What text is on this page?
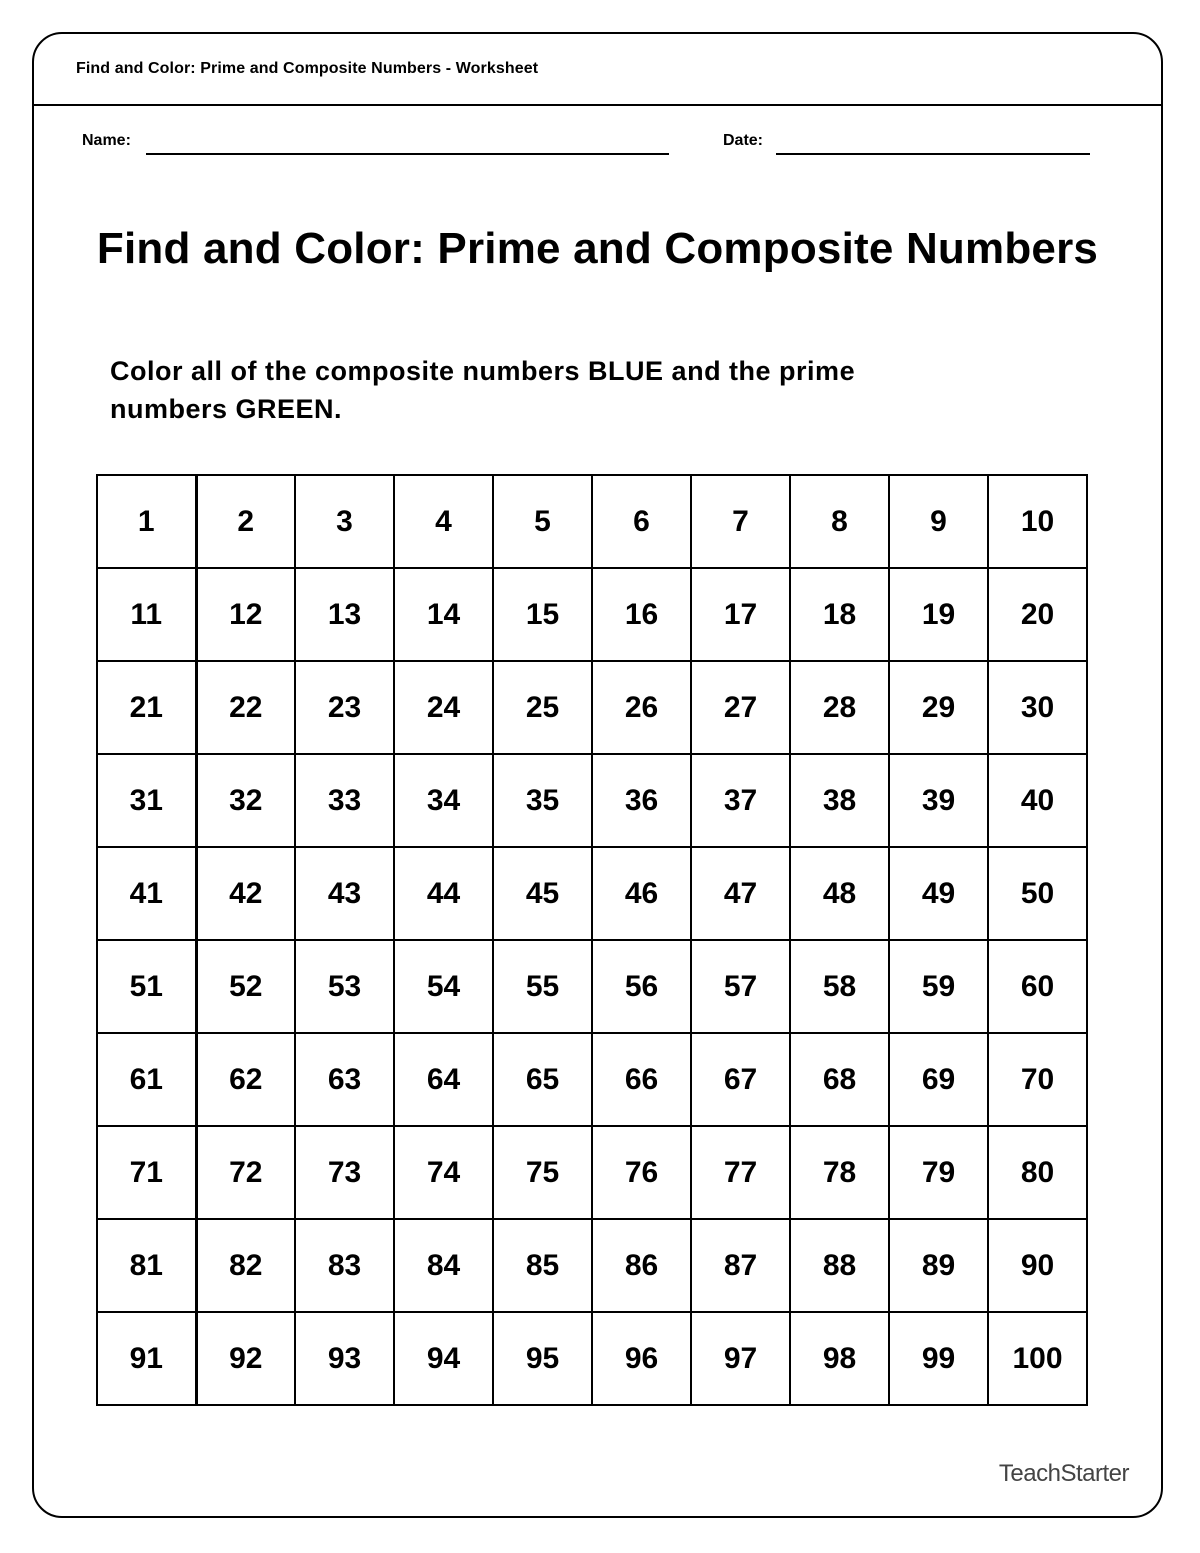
Find and Color: Prime and Composite Numbers - Worksheet
Name:	Date:
Find and Color: Prime and Composite Numbers
Color all of the composite numbers BLUE and the prime
numbers GREEN.
1	2	3	4	5	6	7	8	9	10
11	12	13	14	15	16	17	18	19	20
21	22	23	24	25	26	27	28	29	30
31	32	33	34	35	36	37	38	39	40
41	42	43	44	45	46	47	48	49	50
51	52	53	54	55	56	57	58	59	60
61	62	63	64	65	66	67	68	69	70
71	72	73	74	75	76	77	78	79	80
81	82	83	84	85	86	87	88	89	90
91	92	93	94	95	96	97	98	99	100
TeachStarter
